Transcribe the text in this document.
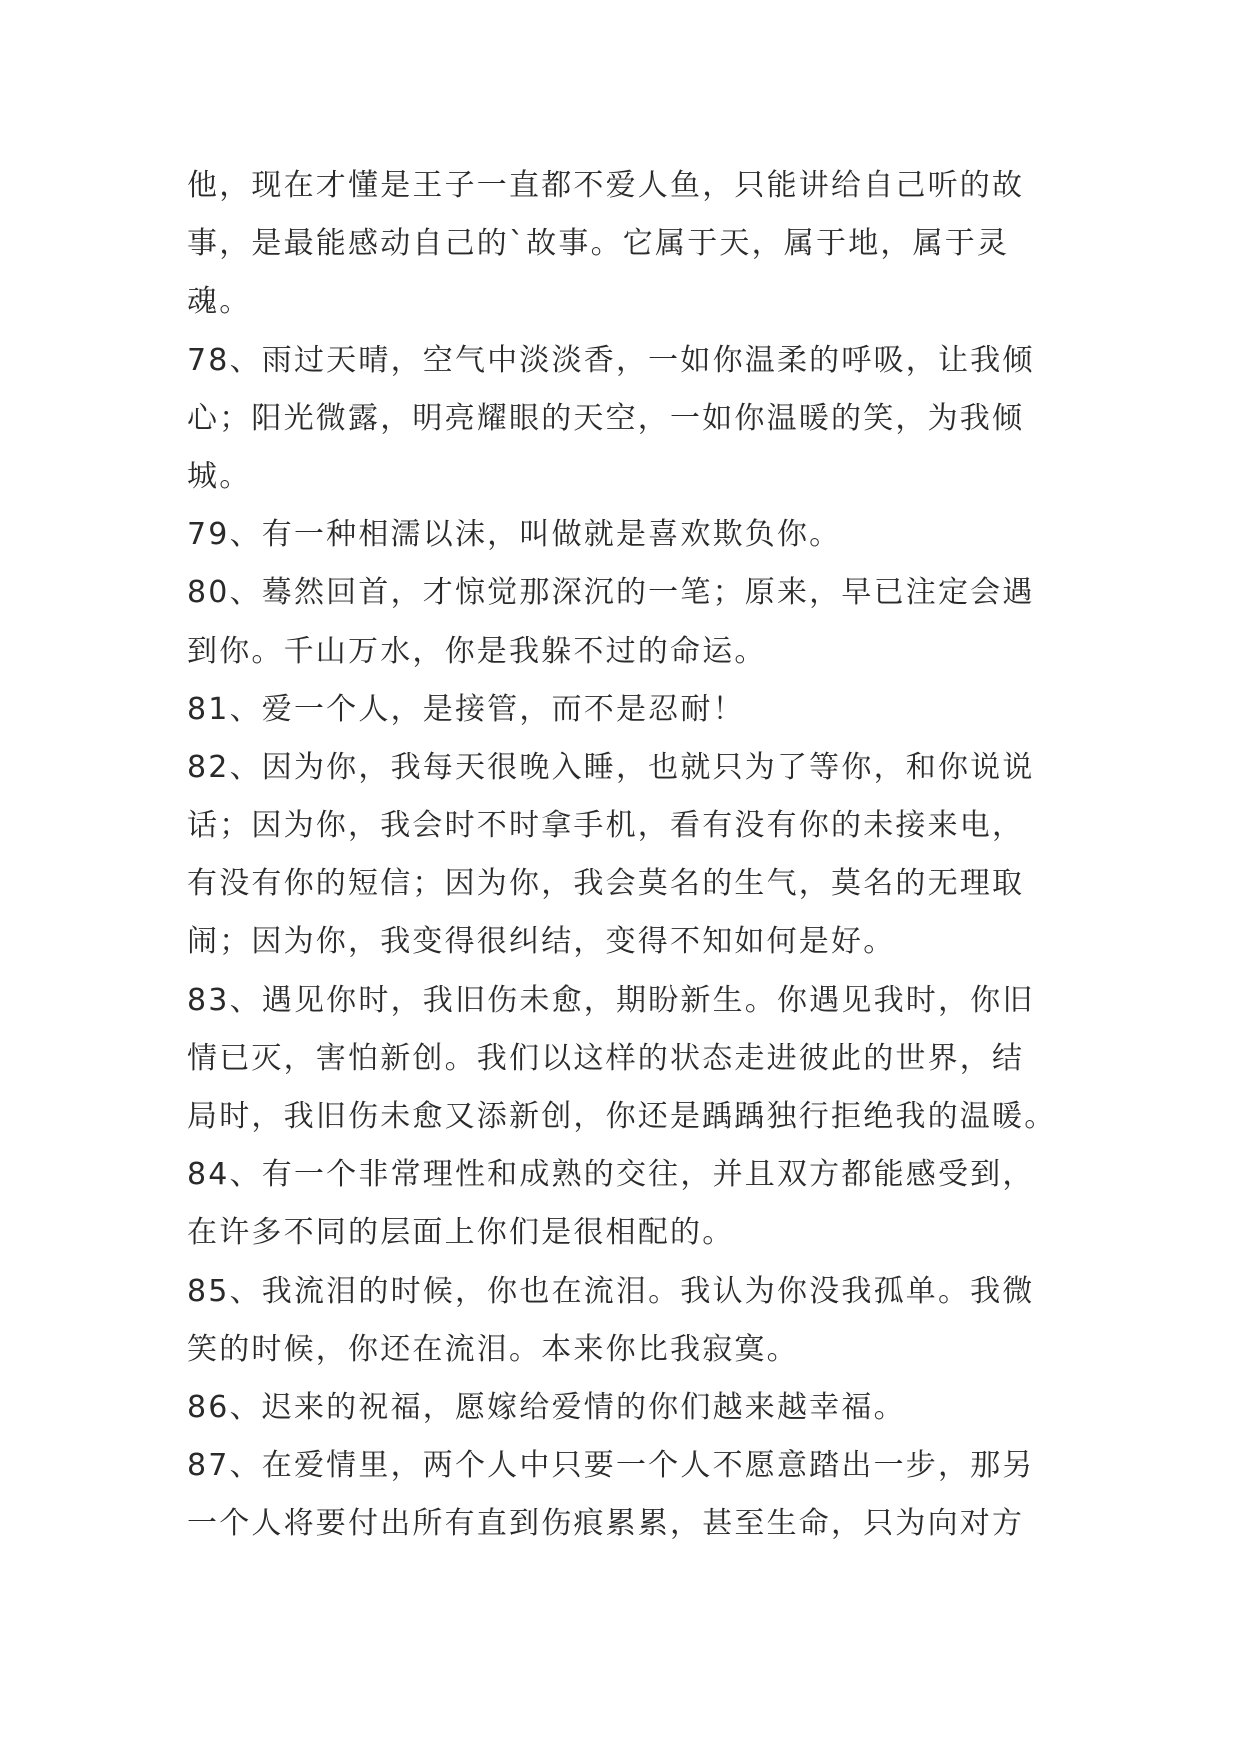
他，现在才懂是王子一直都不爱人鱼，只能讲给自己听的故
事，是最能感动自己的`故事。它属于天，属于地，属于灵
魂。
78、雨过天晴，空气中淡淡香，一如你温柔的呼吸，让我倾
心；阳光微露，明亮耀眼的天空，一如你温暖的笑，为我倾
城。
79、有一种相濡以沫，叫做就是喜欢欺负你。
80、蓦然回首，才惊觉那深沉的一笔；原来，早已注定会遇
到你。千山万水，你是我躲不过的命运。
81、爱一个人，是接管，而不是忍耐！
82、因为你，我每天很晚入睡，也就只为了等你，和你说说
话；因为你，我会时不时拿手机，看有没有你的未接来电，
有没有你的短信；因为你，我会莫名的生气，莫名的无理取
闹；因为你，我变得很纠结，变得不知如何是好。
83、遇见你时，我旧伤未愈，期盼新生。你遇见我时，你旧
情已灭，害怕新创。我们以这样的状态走进彼此的世界，结
局时，我旧伤未愈又添新创，你还是踽踽独行拒绝我的温暖。
84、有一个非常理性和成熟的交往，并且双方都能感受到，
在许多不同的层面上你们是很相配的。
85、我流泪的时候，你也在流泪。我认为你没我孤单。我微
笑的时候，你还在流泪。本来你比我寂寞。
86、迟来的祝福，愿嫁给爱情的你们越来越幸福。
87、在爱情里，两个人中只要一个人不愿意踏出一步，那另
一个人将要付出所有直到伤痕累累，甚至生命，只为向对方
